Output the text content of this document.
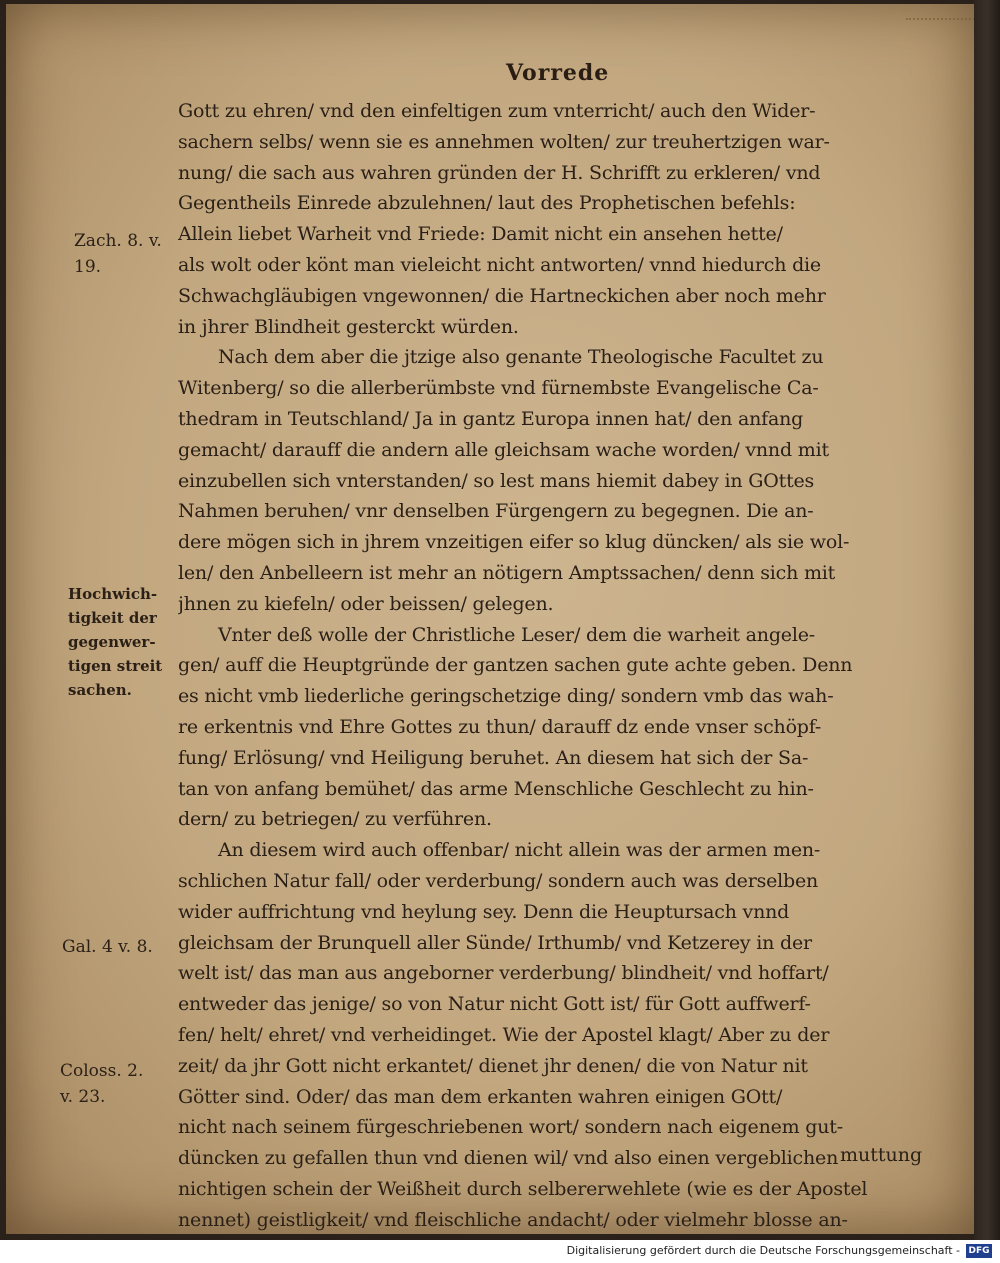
Vorrede
Gott zu ehren/ vnd den einfeltigen zum vnterricht/ auch den Wider-
sachern selbs/ wenn sie es annehmen wolten/ zur treuhertzigen war-
nung/ die sach aus wahren gründen der H. Schrifft zu erkleren/ vnd
Gegentheils Einrede abzulehnen/ laut des Prophetischen befehls:
Allein liebet Warheit vnd Friede: Damit nicht ein ansehen hette/
als wolt oder könt man vieleicht nicht antworten/ vnnd hiedurch die
Schwachgläubigen vngewonnen/ die Hartneckichen aber noch mehr
in jhrer Blindheit gesterckt würden.
Nach dem aber die jtzige also genante Theologische Facultet zu
Witenberg/ so die allerberümbste vnd fürnembste Evangelische Ca-
thedram in Teutschland/ Ja in gantz Europa innen hat/ den anfang
gemacht/ darauff die andern alle gleichsam wache worden/ vnnd mit
einzubellen sich vnterstanden/ so lest mans hiemit dabey in GOttes
Nahmen beruhen/ vnr denselben Fürgengern zu begegnen. Die an-
dere mögen sich in jhrem vnzeitigen eifer so klug düncken/ als sie wol-
len/ den Anbelleern ist mehr an nötigern Amptssachen/ denn sich mit
jhnen zu kiefeln/ oder beissen/ gelegen.
Vnter deß wolle der Christliche Leser/ dem die warheit angele-
gen/ auff die Heuptgründe der gantzen sachen gute achte geben. Denn
es nicht vmb liederliche geringschetzige ding/ sondern vmb das wah-
re erkentnis vnd Ehre Gottes zu thun/ darauff dz ende vnser schöpf-
fung/ Erlösung/ vnd Heiligung beruhet. An diesem hat sich der Sa-
tan von anfang bemühet/ das arme Menschliche Geschlecht zu hin-
dern/ zu betriegen/ zu verführen.
An diesem wird auch offenbar/ nicht allein was der armen men-
schlichen Natur fall/ oder verderbung/ sondern auch was derselben
wider auffrichtung vnd heylung sey. Denn die Heuptursach vnnd
gleichsam der Brunquell aller Sünde/ Irthumb/ vnd Ketzerey in der
welt ist/ das man aus angeborner verderbung/ blindheit/ vnd hoffart/
entweder das jenige/ so von Natur nicht Gott ist/ für Gott auffwerf-
fen/ helt/ ehret/ vnd verheidinget. Wie der Apostel klagt/ Aber zu der
zeit/ da jhr Gott nicht erkantet/ dienet jhr denen/ die von Natur nit
Götter sind. Oder/ das man dem erkanten wahren einigen GOtt/
nicht nach seinem fürgeschriebenen wort/ sondern nach eigenem gut-
düncken zu gefallen thun vnd dienen wil/ vnd also einen vergeblichen
nichtigen schein der Weißheit durch selbererwehlete (wie es der Apostel
nennet) geistligkeit/ vnd fleischliche andacht/ oder vielmehr blosse an-
muttung
Zach. 8. v.
19.
Hochwich-
tigkeit der
gegenwer-
tigen streit
sachen.
Gal. 4 v. 8.
Coloss. 2.
v. 23.
Digitalisierung gefördert durch die Deutsche Forschungsgemeinschaft - DFG
